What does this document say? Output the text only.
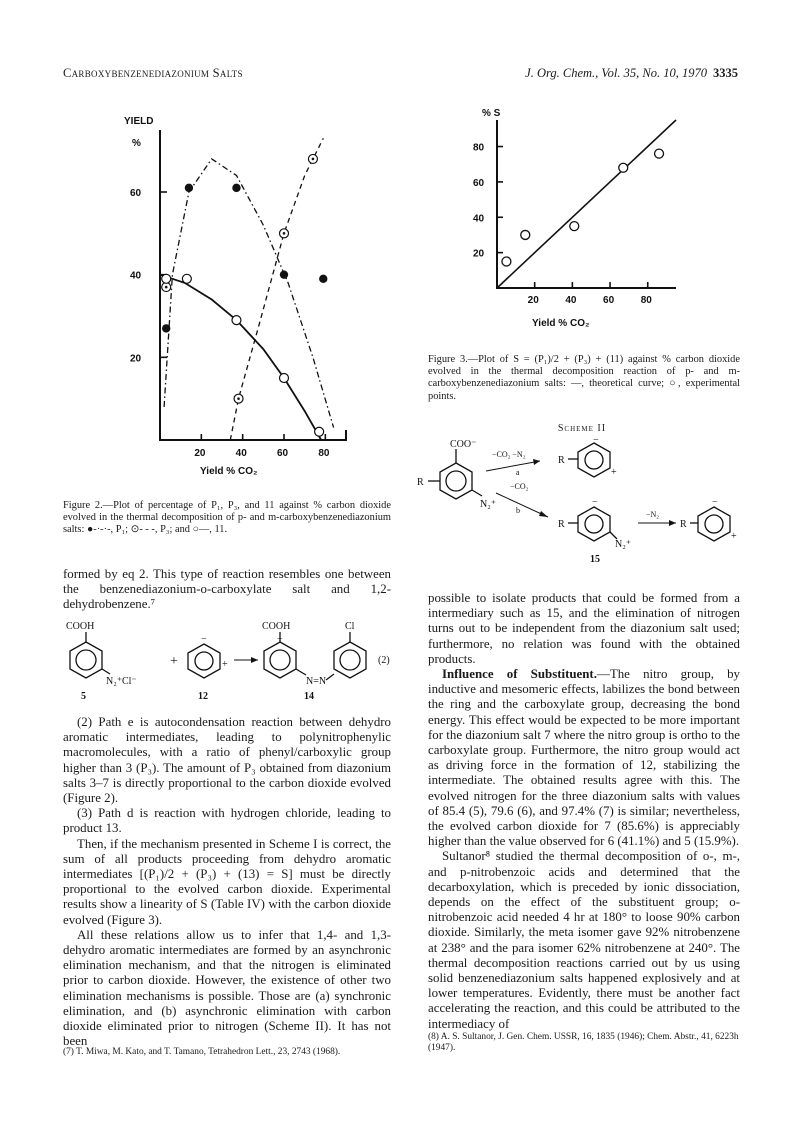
Carboxybenzenediazonium Salts	J. Org. Chem., Vol. 35, No. 10, 1970 3335
YIELD
%
60
40
20
20	40	60	80
Yield % CO₂
Figure 2.—Plot of percentage of P₁, P₃, and 11 against % carbon dioxide evolved in the thermal decomposition of p- and m-carboxybenzenediazonium salts: ●-·-·-, P₁; ⊙- - -, P₃; and ○—, 11.
% S
80
60
40
20
20	40	60	80
Yield % CO₂
Figure 3.—Plot of S = (P₁)/2 + (P₃) + (11) against % carbon dioxide evolved in the thermal decomposition reaction of p- and m-carboxybenzenediazonium salts: —, theoretical curve; ○, experimental points.
Scheme II
COO⁻
R
N₂⁺
−CO₂ −N₂
a
−CO₂
b
R
−
+
R
−
N₂⁺
15
−N₂
R
−
+

formed by eq 2. This type of reaction resembles one between the benzenediazonium-o-carboxylate salt and 1,2-dehydrobenzene.⁷

COOH
N₂⁺Cl⁻
+
−
+
COOH
−
N=N
Cl
(2)
5	12	14

(2) Path e is autocondensation reaction between dehydro aromatic intermediates, leading to polynitrophenylic macromolecules, with a ratio of phenyl/carboxylic group higher than 3 (P₃). The amount of P₃ obtained from diazonium salts 3–7 is directly proportional to the carbon dioxide evolved (Figure 2).

(3) Path d is reaction with hydrogen chloride, leading to product 13.

Then, if the mechanism presented in Scheme I is correct, the sum of all products proceeding from dehydro aromatic intermediates [(P₁)/2 + (P₃) + (13) = S] must be directly proportional to the evolved carbon dioxide. Experimental results show a linearity of S (Table IV) with the carbon dioxide evolved (Figure 3).

All these relations allow us to infer that 1,4- and 1,3-dehydro aromatic intermediates are formed by an asynchronic elimination mechanism, and that the nitrogen is eliminated prior to carbon dioxide. However, the existence of other two elimination mechanisms is possible. Those are (a) synchronic elimination, and (b) asynchronic elimination with carbon dioxide eliminated prior to nitrogen (Scheme II). It has not been

(7) T. Miwa, M. Kato, and T. Tamano, Tetrahedron Lett., 23, 2743 (1968).

possible to isolate products that could be formed from a intermediary such as 15, and the elimination of nitrogen turns out to be independent from the diazonium salt used; furthermore, no relation was found with the obtained products.

Influence of Substituent.—The nitro group, by inductive and mesomeric effects, labilizes the bond between the ring and the carboxylate group, decreasing the bond energy. This effect would be expected to be more important for the diazonium salt 7 where the nitro group is ortho to the carboxylate group. Furthermore, the nitro group would act as driving force in the formation of 12, stabilizing the intermediate. The obtained results agree with this. The evolved nitrogen for the three diazonium salts with values of 85.4 (5), 79.6 (6), and 97.4% (7) is similar; nevertheless, the evolved carbon dioxide for 7 (85.6%) is appreciably higher than the value observed for 6 (41.1%) and 5 (15.9%).

Sultanor⁸ studied the thermal decomposition of o-, m-, and p-nitrobenzoic acids and determined that the decarboxylation, which is preceded by ionic dissociation, depends on the effect of the substituent group; o-nitrobenzoic acid needed 4 hr at 180° to loose 90% carbon dioxide. Similarly, the meta isomer gave 92% nitrobenzene at 238° and the para isomer 62% nitrobenzene at 240°. The thermal decomposition reactions carried out by us using solid benzenediazonium salts happened explosively and at lower temperatures. Evidently, there must be another fact accelerating the reaction, and this could be attributed to the intermediacy of

(8) A. S. Sultanor, J. Gen. Chem. USSR, 16, 1835 (1946); Chem. Abstr., 41, 6223h (1947).
